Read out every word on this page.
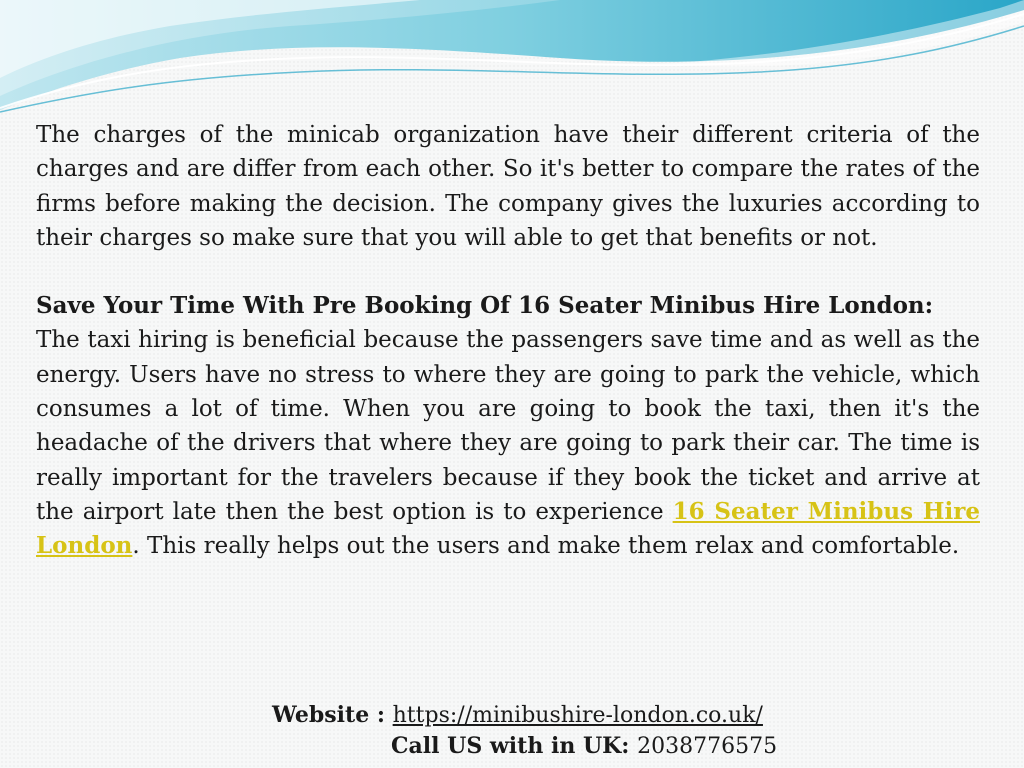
The charges of the minicab organization have their different criteria of the charges and are differ from each other. So it's better to compare the rates of the firms before making the decision. The company gives the luxuries according to their charges so make sure that you will able to get that benefits or not.

Save Your Time With Pre Booking Of 16 Seater Minibus Hire London:

The taxi hiring is beneficial because the passengers save time and as well as the energy. Users have no stress to where they are going to park the vehicle, which consumes a lot of time. When you are going to book the taxi, then it's the headache of the drivers that where they are going to park their car. The time is really important for the travelers because if they book the ticket and arrive at the airport late then the best option is to experience 16 Seater Minibus Hire London. This really helps out the users and make them relax and comfortable.

Website : https://minibushire-london.co.uk/
Call US with in UK: 2038776575
